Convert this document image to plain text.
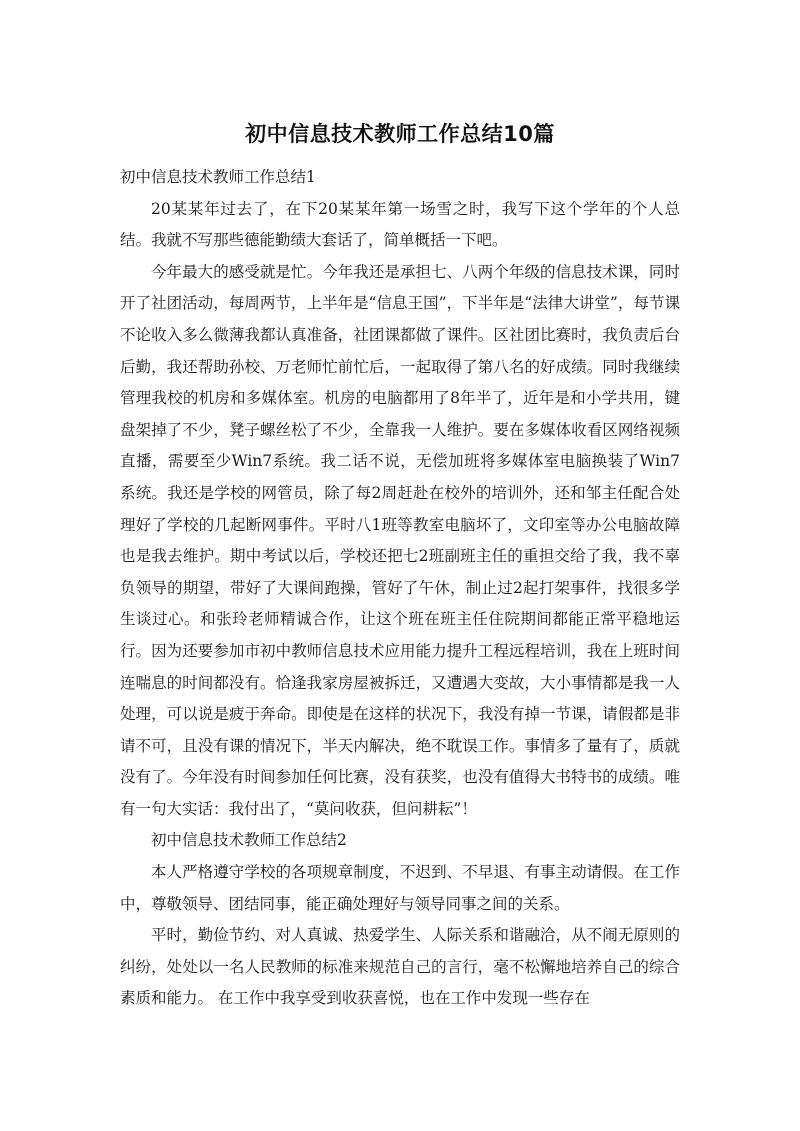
初中信息技术教师工作总结10篇

初中信息技术教师工作总结1

20某某年过去了，在下20某某年第一场雪之时，我写下这个学年的个人总结。我就不写那些德能勤绩大套话了，简单概括一下吧。

今年最大的感受就是忙。今年我还是承担七、八两个年级的信息技术课，同时开了社团活动，每周两节，上半年是“信息王国”，下半年是“法律大讲堂”，每节课不论收入多么微薄我都认真准备，社团课都做了课件。区社团比赛时，我负责后台后勤，我还帮助孙校、万老师忙前忙后，一起取得了第八名的好成绩。同时我继续管理我校的机房和多媒体室。机房的电脑都用了8年半了，近年是和小学共用，键盘架掉了不少，凳子螺丝松了不少，全靠我一人维护。要在多媒体收看区网络视频直播，需要至少Win7系统。我二话不说，无偿加班将多媒体室电脑换装了Win7系统。我还是学校的网管员，除了每2周赶赴在校外的培训外，还和邹主任配合处理好了学校的几起断网事件。平时八1班等教室电脑坏了，文印室等办公电脑故障也是我去维护。期中考试以后，学校还把七2班副班主任的重担交给了我，我不辜负领导的期望，带好了大课间跑操，管好了午休，制止过2起打架事件，找很多学生谈过心。和张玲老师精诚合作，让这个班在班主任住院期间都能正常平稳地运行。因为还要参加市初中教师信息技术应用能力提升工程远程培训，我在上班时间连喘息的时间都没有。恰逢我家房屋被拆迁，又遭遇大变故，大小事情都是我一人处理，可以说是疲于奔命。即使是在这样的状况下，我没有掉一节课，请假都是非请不可，且没有课的情况下，半天内解决，绝不耽误工作。事情多了量有了，质就没有了。今年没有时间参加任何比赛，没有获奖，也没有值得大书特书的成绩。唯有一句大实话：我付出了，“莫问收获，但问耕耘”！

初中信息技术教师工作总结2

本人严格遵守学校的各项规章制度，不迟到、不早退、有事主动请假。在工作中，尊敬领导、团结同事，能正确处理好与领导同事之间的关系。

平时，勤俭节约、对人真诚、热爱学生、人际关系和谐融洽，从不闹无原则的纠纷，处处以一名人民教师的标准来规范自己的言行，毫不松懈地培养自己的综合素质和能力。 在工作中我享受到收获喜悦，也在工作中发现一些存在
